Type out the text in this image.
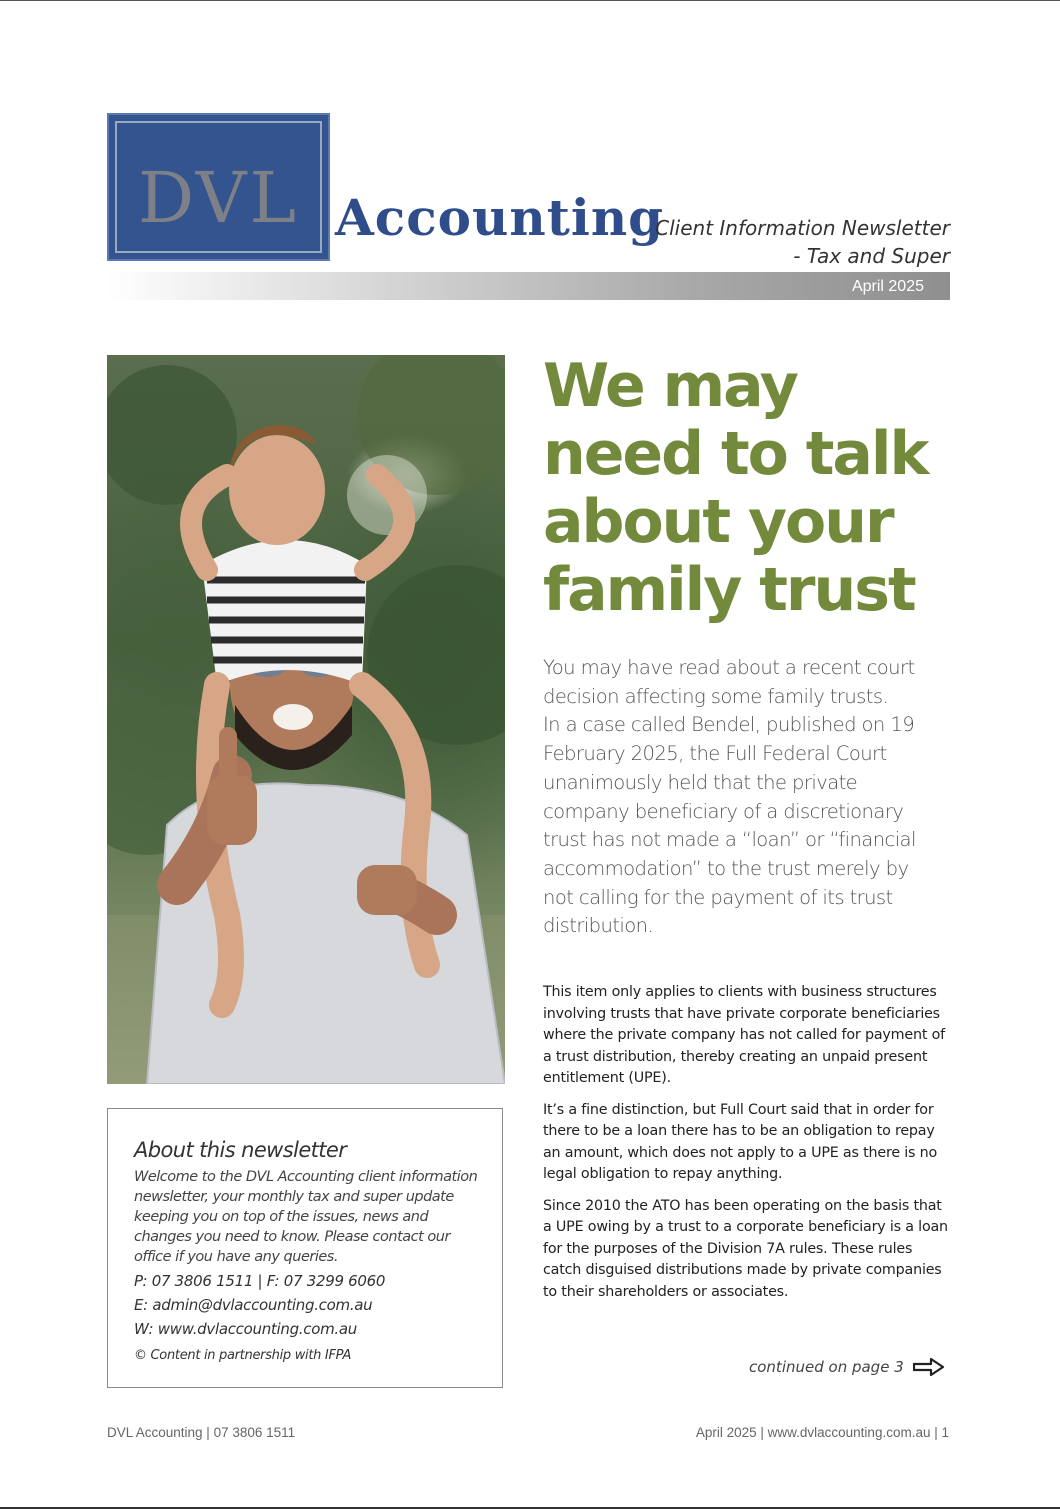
DVL Accounting
Client Information Newsletter
- Tax and Super
April 2025
We may need to talk about your family trust

You may have read about a recent court decision affecting some family trusts.

In a case called Bendel, published on 19 February 2025, the Full Federal Court unanimously held that the private company beneficiary of a discretionary trust has not made a “loan” or “financial accommodation” to the trust merely by not calling for the payment of its trust distribution.

This item only applies to clients with business structures involving trusts that have private corporate beneficiaries where the private company has not called for payment of a trust distribution, thereby creating an unpaid present entitlement (UPE).

It’s a fine distinction, but Full Court said that in order for there to be a loan there has to be an obligation to repay an amount, which does not apply to a UPE as there is no legal obligation to repay anything.

Since 2010 the ATO has been operating on the basis that a UPE owing by a trust to a corporate beneficiary is a loan for the purposes of the Division 7A rules. These rules catch disguised distributions made by private companies to their shareholders or associates.

continued on page 3
About this newsletter
Welcome to the DVL Accounting client information newsletter, your monthly tax and super update keeping you on top of the issues, news and changes you need to know. Please contact our office if you have any queries.
P: 07 3806 1511 | F: 07 3299 6060
E: admin@dvlaccounting.com.au
W: www.dvlaccounting.com.au
© Content in partnership with IFPA
DVL Accounting | 07 3806 1511	April 2025 | www.dvlaccounting.com.au | 1
